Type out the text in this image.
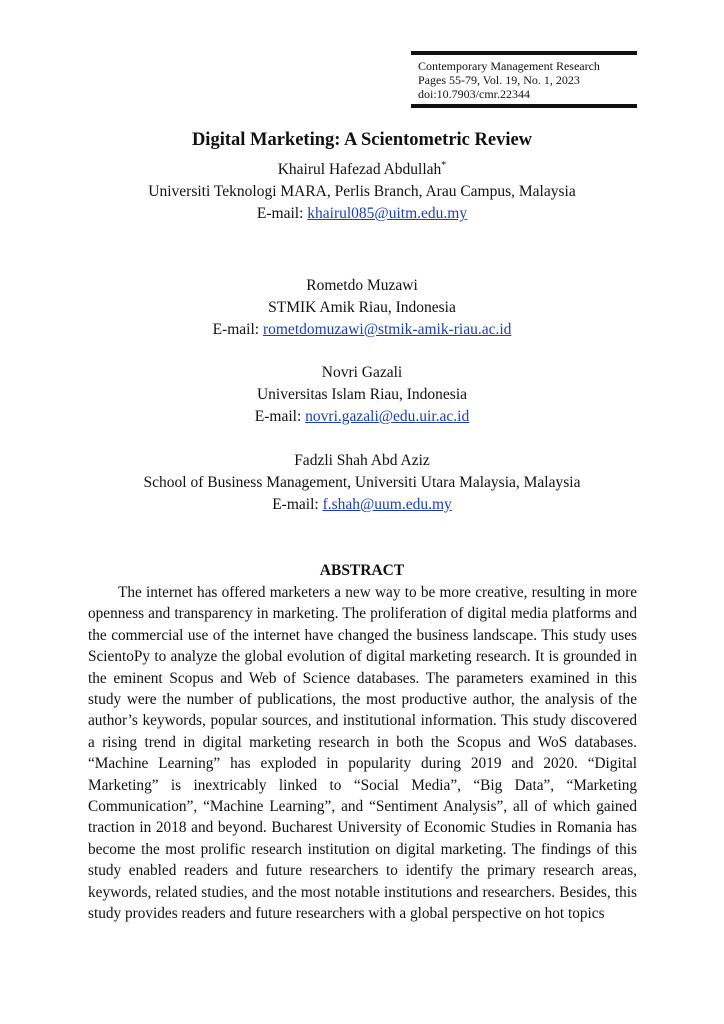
Contemporary Management Research
Pages 55-79, Vol. 19, No. 1, 2023
doi:10.7903/cmr.22344
Digital Marketing: A Scientometric Review
Khairul Hafezad Abdullah*
Universiti Teknologi MARA, Perlis Branch, Arau Campus, Malaysia
E-mail: khairul085@uitm.edu.my
Rometdo Muzawi
STMIK Amik Riau, Indonesia
E-mail: rometdomuzawi@stmik-amik-riau.ac.id
Novri Gazali
Universitas Islam Riau, Indonesia
E-mail: novri.gazali@edu.uir.ac.id
Fadzli Shah Abd Aziz
School of Business Management, Universiti Utara Malaysia, Malaysia
E-mail: f.shah@uum.edu.my
ABSTRACT

The internet has offered marketers a new way to be more creative, resulting in more openness and transparency in marketing. The proliferation of digital media platforms and the commercial use of the internet have changed the business landscape. This study uses ScientoPy to analyze the global evolution of digital marketing research. It is grounded in the eminent Scopus and Web of Science databases. The parameters examined in this study were the number of publications, the most productive author, the analysis of the author’s keywords, popular sources, and institutional information. This study discovered a rising trend in digital marketing research in both the Scopus and WoS databases. “Machine Learning” has exploded in popularity during 2019 and 2020. “Digital Marketing” is inextricably linked to “Social Media”, “Big Data”, “Marketing Communication”, “Machine Learning”, and “Sentiment Analysis”, all of which gained traction in 2018 and beyond. Bucharest University of Economic Studies in Romania has become the most prolific research institution on digital marketing. The findings of this study enabled readers and future researchers to identify the primary research areas, keywords, related studies, and the most notable institutions and researchers. Besides, this study provides readers and future researchers with a global perspective on hot topics
